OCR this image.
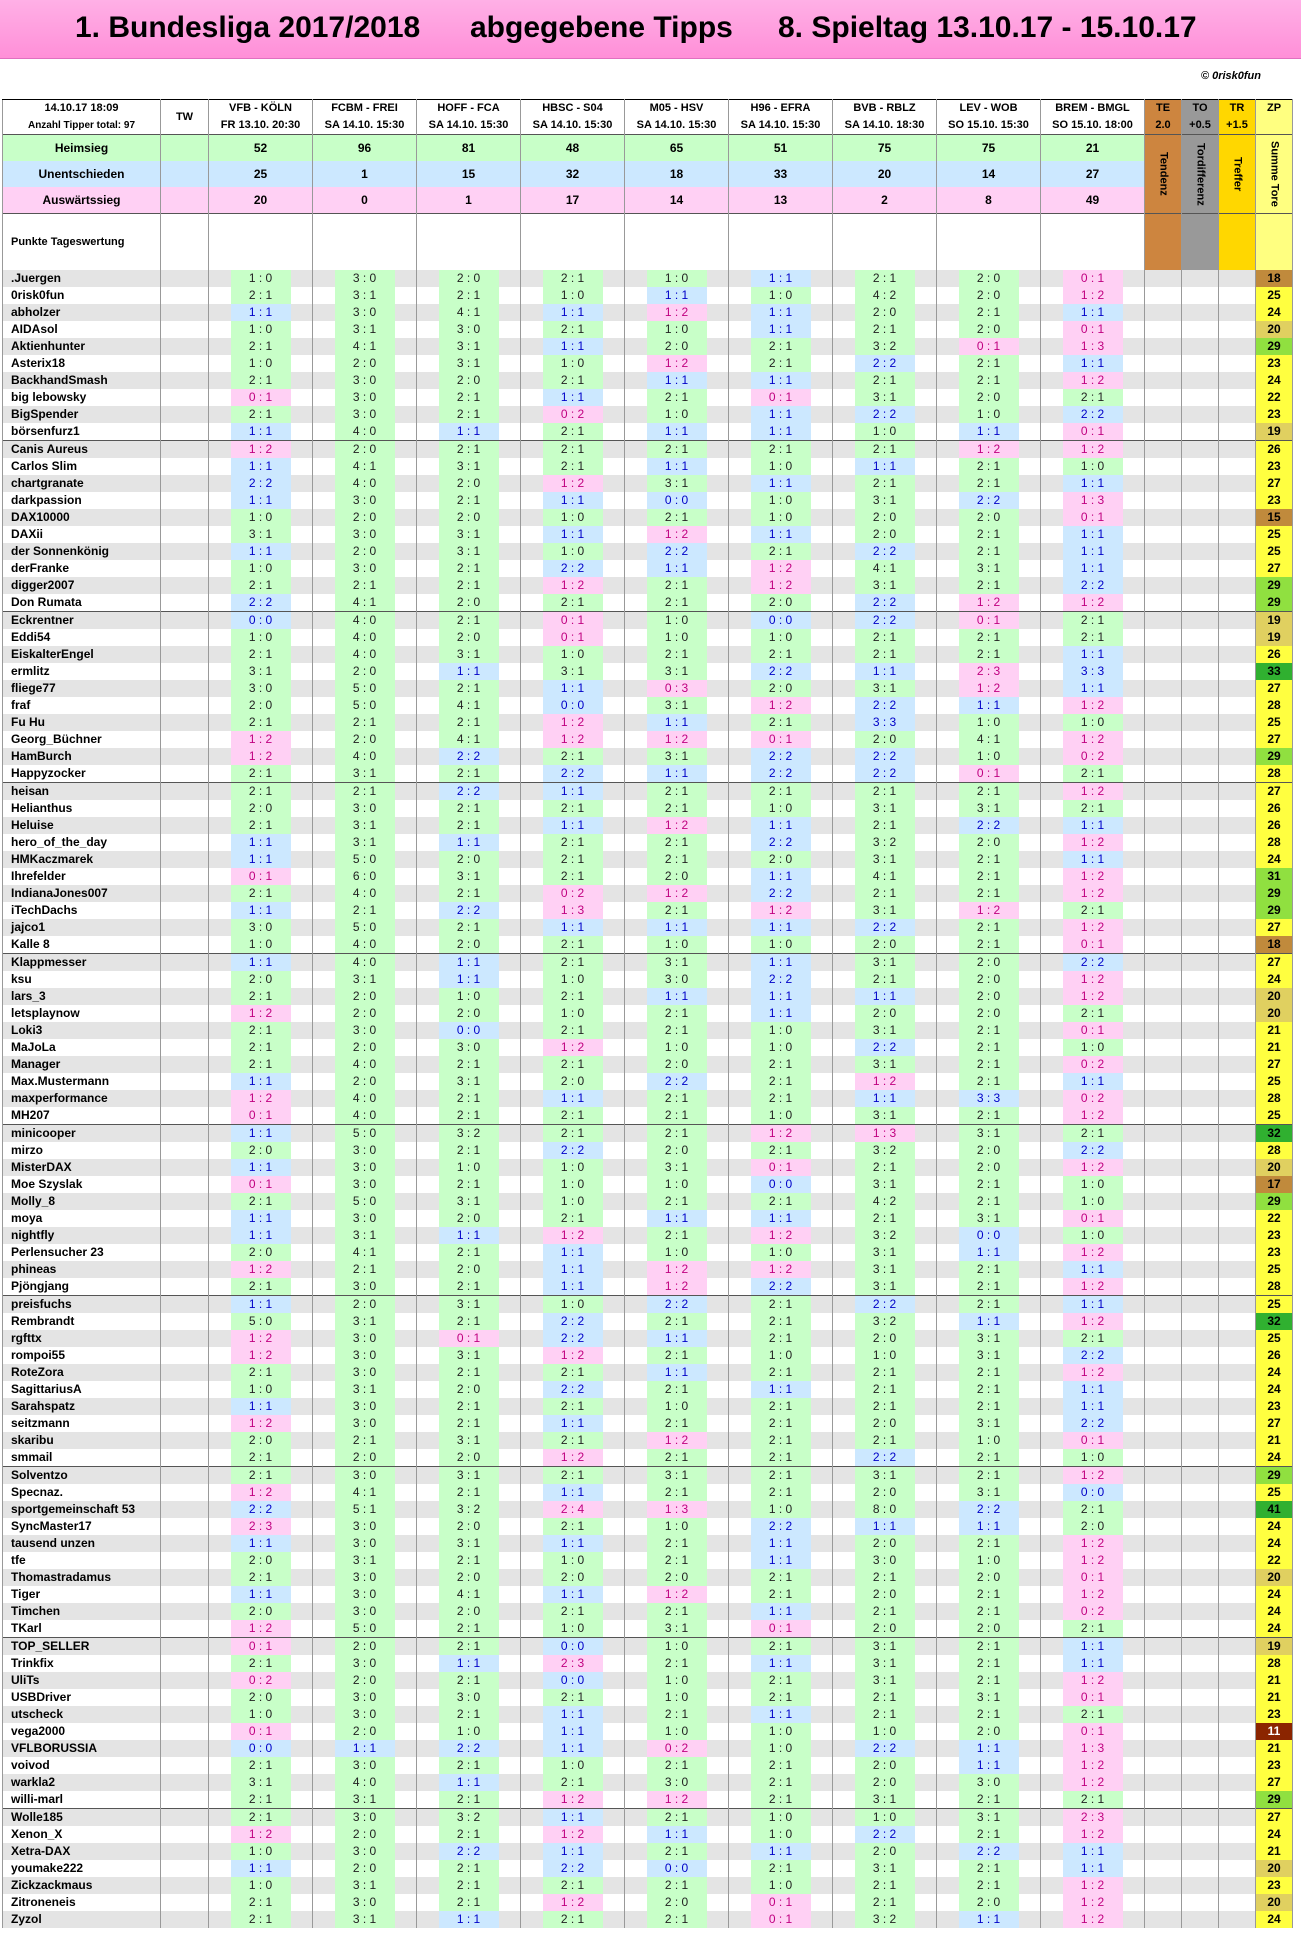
1. Bundesliga 2017/2018 abgegebene Tipps 8. Spieltag 13.10.17 - 15.10.17
© 0risk0fun
14.10.17 18:09	TW	VFB - KÖLN	FCBM - FREI	HOFF - FCA	HBSC - S04	M05 - HSV	H96 - EFRA	BVB - RBLZ	LEV - WOB	BREM - BMGL	TE	TO	TR	ZP
Anzahl Tipper total: 97		FR 13.10. 20:30	SA 14.10. 15:30	SA 14.10. 15:30	SA 14.10. 15:30	SA 14.10. 15:30	SA 14.10. 15:30	SA 14.10. 18:30	SO 15.10. 15:30	SO 15.10. 18:00	2.0	+0.5	+1.5	
Heimsieg		52	96	81	48	65	51	75	75	21	Tendenz	Tordifferenz	Treffer	Summe Tore

Unentschieden		25	1	15	32	18	33	20	14	27				
Auswärtssieg		20	0	1	17	14	13	2	8	49				
Punkte Tageswertung														
.Juergen		1 : 0	3 : 0	2 : 0	2 : 1	1 : 0	1 : 1	2 : 1	2 : 0	0 : 1				18
0risk0fun		2 : 1	3 : 1	2 : 1	1 : 0	1 : 1	1 : 0	4 : 2	2 : 0	1 : 2				25
abholzer		1 : 1	3 : 0	4 : 1	1 : 1	1 : 2	1 : 1	2 : 0	2 : 1	1 : 1				24
AIDAsol		1 : 0	3 : 1	3 : 0	2 : 1	1 : 0	1 : 1	2 : 1	2 : 0	0 : 1				20
Aktienhunter		2 : 1	4 : 1	3 : 1	1 : 1	2 : 0	2 : 1	3 : 2	0 : 1	1 : 3				29
Asterix18		1 : 0	2 : 0	3 : 1	1 : 0	1 : 2	2 : 1	2 : 2	2 : 1	1 : 1				23
BackhandSmash		2 : 1	3 : 0	2 : 0	2 : 1	1 : 1	1 : 1	2 : 1	2 : 1	1 : 2				24
big lebowsky		0 : 1	3 : 0	2 : 1	1 : 1	2 : 1	0 : 1	3 : 1	2 : 0	2 : 1				22
BigSpender		2 : 1	3 : 0	2 : 1	0 : 2	1 : 0	1 : 1	2 : 2	1 : 0	2 : 2				23
börsenfurz1		1 : 1	4 : 0	1 : 1	2 : 1	1 : 1	1 : 1	1 : 0	1 : 1	0 : 1				19
Canis Aureus		1 : 2	2 : 0	2 : 1	2 : 1	2 : 1	2 : 1	2 : 1	1 : 2	1 : 2				26
Carlos Slim		1 : 1	4 : 1	3 : 1	2 : 1	1 : 1	1 : 0	1 : 1	2 : 1	1 : 0				23
chartgranate		2 : 2	4 : 0	2 : 0	1 : 2	3 : 1	1 : 1	2 : 1	2 : 1	1 : 1				27
darkpassion		1 : 1	3 : 0	2 : 1	1 : 1	0 : 0	1 : 0	3 : 1	2 : 2	1 : 3				23
DAX10000		1 : 0	2 : 0	2 : 0	1 : 0	2 : 1	1 : 0	2 : 0	2 : 0	0 : 1				15
DAXii		3 : 1	3 : 0	3 : 1	1 : 1	1 : 2	1 : 1	2 : 0	2 : 1	1 : 1				25
der Sonnenkönig		1 : 1	2 : 0	3 : 1	1 : 0	2 : 2	2 : 1	2 : 2	2 : 1	1 : 1				25
derFranke		1 : 0	3 : 0	2 : 1	2 : 2	1 : 1	1 : 2	4 : 1	3 : 1	1 : 1				27
digger2007		2 : 1	2 : 1	2 : 1	1 : 2	2 : 1	1 : 2	3 : 1	2 : 1	2 : 2				29
Don Rumata		2 : 2	4 : 1	2 : 0	2 : 1	2 : 1	2 : 0	2 : 2	1 : 2	1 : 2				29
Eckrentner		0 : 0	4 : 0	2 : 1	0 : 1	1 : 0	0 : 0	2 : 2	0 : 1	2 : 1				19
Eddi54		1 : 0	4 : 0	2 : 0	0 : 1	1 : 0	1 : 0	2 : 1	2 : 1	2 : 1				19
EiskalterEngel		2 : 1	4 : 0	3 : 1	1 : 0	2 : 1	2 : 1	2 : 1	2 : 1	1 : 1				26
ermlitz		3 : 1	2 : 0	1 : 1	3 : 1	3 : 1	2 : 2	1 : 1	2 : 3	3 : 3				33
fliege77		3 : 0	5 : 0	2 : 1	1 : 1	0 : 3	2 : 0	3 : 1	1 : 2	1 : 1				27
fraf		2 : 0	5 : 0	4 : 1	0 : 0	3 : 1	1 : 2	2 : 2	1 : 1	1 : 2				28
Fu Hu		2 : 1	2 : 1	2 : 1	1 : 2	1 : 1	2 : 1	3 : 3	1 : 0	1 : 0				25
Georg_Büchner		1 : 2	2 : 0	4 : 1	1 : 2	1 : 2	0 : 1	2 : 0	4 : 1	1 : 2				27
HamBurch		1 : 2	4 : 0	2 : 2	2 : 1	3 : 1	2 : 2	2 : 2	1 : 0	0 : 2				29
Happyzocker		2 : 1	3 : 1	2 : 1	2 : 2	1 : 1	2 : 2	2 : 2	0 : 1	2 : 1				28
heisan		2 : 1	2 : 1	2 : 2	1 : 1	2 : 1	2 : 1	2 : 1	2 : 1	1 : 2				27
Helianthus		2 : 0	3 : 0	2 : 1	2 : 1	2 : 1	1 : 0	3 : 1	3 : 1	2 : 1				26
Heluise		2 : 1	3 : 1	2 : 1	1 : 1	1 : 2	1 : 1	2 : 1	2 : 2	1 : 1				26
hero_of_the_day		1 : 1	3 : 1	1 : 1	2 : 1	2 : 1	2 : 2	3 : 2	2 : 0	1 : 2				28
HMKaczmarek		1 : 1	5 : 0	2 : 0	2 : 1	2 : 1	2 : 0	3 : 1	2 : 1	1 : 1				24
Ihrefelder		0 : 1	6 : 0	3 : 1	2 : 1	2 : 0	1 : 1	4 : 1	2 : 1	1 : 2				31
IndianaJones007		2 : 1	4 : 0	2 : 1	0 : 2	1 : 2	2 : 2	2 : 1	2 : 1	1 : 2				29
iTechDachs		1 : 1	2 : 1	2 : 2	1 : 3	2 : 1	1 : 2	3 : 1	1 : 2	2 : 1				29
jajco1		3 : 0	5 : 0	2 : 1	1 : 1	1 : 1	1 : 1	2 : 2	2 : 1	1 : 2				27
Kalle 8		1 : 0	4 : 0	2 : 0	2 : 1	1 : 0	1 : 0	2 : 0	2 : 1	0 : 1				18
Klappmesser		1 : 1	4 : 0	1 : 1	2 : 1	3 : 1	1 : 1	3 : 1	2 : 0	2 : 2				27
ksu		2 : 0	3 : 1	1 : 1	1 : 0	3 : 0	2 : 2	2 : 1	2 : 0	1 : 2				24
lars_3		2 : 1	2 : 0	1 : 0	2 : 1	1 : 1	1 : 1	1 : 1	2 : 0	1 : 2				20
letsplaynow		1 : 2	2 : 0	2 : 0	1 : 0	2 : 1	1 : 1	2 : 0	2 : 0	2 : 1				20
Loki3		2 : 1	3 : 0	0 : 0	2 : 1	2 : 1	1 : 0	3 : 1	2 : 1	0 : 1				21
MaJoLa		2 : 1	2 : 0	3 : 0	1 : 2	1 : 0	1 : 0	2 : 2	2 : 1	1 : 0				21
Manager		2 : 1	4 : 0	2 : 1	2 : 1	2 : 0	2 : 1	3 : 1	2 : 1	0 : 2				27
Max.Mustermann		1 : 1	2 : 0	3 : 1	2 : 0	2 : 2	2 : 1	1 : 2	2 : 1	1 : 1				25
maxperformance		1 : 2	4 : 0	2 : 1	1 : 1	2 : 1	2 : 1	1 : 1	3 : 3	0 : 2				28
MH207		0 : 1	4 : 0	2 : 1	2 : 1	2 : 1	1 : 0	3 : 1	2 : 1	1 : 2				25
minicooper		1 : 1	5 : 0	3 : 2	2 : 1	2 : 1	1 : 2	1 : 3	3 : 1	2 : 1				32
mirzo		2 : 0	3 : 0	2 : 1	2 : 2	2 : 0	2 : 1	3 : 2	2 : 0	2 : 2				28
MisterDAX		1 : 1	3 : 0	1 : 0	1 : 0	3 : 1	0 : 1	2 : 1	2 : 0	1 : 2				20
Moe Szyslak		0 : 1	3 : 0	2 : 1	1 : 0	1 : 0	0 : 0	3 : 1	2 : 1	1 : 0				17
Molly_8		2 : 1	5 : 0	3 : 1	1 : 0	2 : 1	2 : 1	4 : 2	2 : 1	1 : 0				29
moya		1 : 1	3 : 0	2 : 0	2 : 1	1 : 1	1 : 1	2 : 1	3 : 1	0 : 1				22
nightfly		1 : 1	3 : 1	1 : 1	1 : 2	2 : 1	1 : 2	3 : 2	0 : 0	1 : 0				23
Perlensucher 23		2 : 0	4 : 1	2 : 1	1 : 1	1 : 0	1 : 0	3 : 1	1 : 1	1 : 2				23
phineas		1 : 2	2 : 1	2 : 0	1 : 1	1 : 2	1 : 2	3 : 1	2 : 1	1 : 1				25
Pjöngjang		2 : 1	3 : 0	2 : 1	1 : 1	1 : 2	2 : 2	3 : 1	2 : 1	1 : 2				28
preisfuchs		1 : 1	2 : 0	3 : 1	1 : 0	2 : 2	2 : 1	2 : 2	2 : 1	1 : 1				25
Rembrandt		5 : 0	3 : 1	2 : 1	2 : 2	2 : 1	2 : 1	3 : 2	1 : 1	1 : 2				32
rgfttx		1 : 2	3 : 0	0 : 1	2 : 2	1 : 1	2 : 1	2 : 0	3 : 1	2 : 1				25
rompoi55		1 : 2	3 : 0	3 : 1	1 : 2	2 : 1	1 : 0	1 : 0	3 : 1	2 : 2				26
RoteZora		2 : 1	3 : 0	2 : 1	2 : 1	1 : 1	2 : 1	2 : 1	2 : 1	1 : 2				24
SagittariusA		1 : 0	3 : 1	2 : 0	2 : 2	2 : 1	1 : 1	2 : 1	2 : 1	1 : 1				24
Sarahspatz		1 : 1	3 : 0	2 : 1	2 : 1	1 : 0	2 : 1	2 : 1	2 : 1	1 : 1				23
seitzmann		1 : 2	3 : 0	2 : 1	1 : 1	2 : 1	2 : 1	2 : 0	3 : 1	2 : 2				27
skaribu		2 : 0	2 : 1	3 : 1	2 : 1	1 : 2	2 : 1	2 : 1	1 : 0	0 : 1				21
smmail		2 : 1	2 : 0	2 : 0	1 : 2	2 : 1	2 : 1	2 : 2	2 : 1	1 : 0				24
Solventzo		2 : 1	3 : 0	3 : 1	2 : 1	3 : 1	2 : 1	3 : 1	2 : 1	1 : 2				29
Specnaz.		1 : 2	4 : 1	2 : 1	1 : 1	2 : 1	2 : 1	2 : 0	3 : 1	0 : 0				25
sportgemeinschaft 53		2 : 2	5 : 1	3 : 2	2 : 4	1 : 3	1 : 0	8 : 0	2 : 2	2 : 1				41
SyncMaster17		2 : 3	3 : 0	2 : 0	2 : 1	1 : 0	2 : 2	1 : 1	1 : 1	2 : 0				24
tausend unzen		1 : 1	3 : 0	3 : 1	1 : 1	2 : 1	1 : 1	2 : 0	2 : 1	1 : 2				24
tfe		2 : 0	3 : 1	2 : 1	1 : 0	2 : 1	1 : 1	3 : 0	1 : 0	1 : 2				22
Thomastradamus		2 : 1	3 : 0	2 : 0	2 : 0	2 : 0	2 : 1	2 : 1	2 : 0	0 : 1				20
Tiger		1 : 1	3 : 0	4 : 1	1 : 1	1 : 2	2 : 1	2 : 0	2 : 1	1 : 2				24
Timchen		2 : 0	3 : 0	2 : 0	2 : 1	2 : 1	1 : 1	2 : 1	2 : 1	0 : 2				24
TKarl		1 : 2	5 : 0	2 : 1	1 : 0	3 : 1	0 : 1	2 : 0	2 : 0	2 : 1				24
TOP_SELLER		0 : 1	2 : 0	2 : 1	0 : 0	1 : 0	2 : 1	3 : 1	2 : 1	1 : 1				19
Trinkfix		2 : 1	3 : 0	1 : 1	2 : 3	2 : 1	1 : 1	3 : 1	2 : 1	1 : 1				28
UliTs		0 : 2	2 : 0	2 : 1	0 : 0	1 : 0	2 : 1	3 : 1	2 : 1	1 : 2				21
USBDriver		2 : 0	3 : 0	3 : 0	2 : 1	1 : 0	2 : 1	2 : 1	3 : 1	0 : 1				21
utscheck		1 : 0	3 : 0	2 : 1	1 : 1	2 : 1	1 : 1	2 : 1	2 : 1	2 : 1				23
vega2000		0 : 1	2 : 0	1 : 0	1 : 1	1 : 0	1 : 0	1 : 0	2 : 0	0 : 1				11
VFLBORUSSIA		0 : 0	1 : 1	2 : 2	1 : 1	0 : 2	1 : 0	2 : 2	1 : 1	1 : 3				21
voivod		2 : 1	3 : 0	2 : 1	1 : 0	2 : 1	2 : 1	2 : 0	1 : 1	1 : 2				23
warkla2		3 : 1	4 : 0	1 : 1	2 : 1	3 : 0	2 : 1	2 : 0	3 : 0	1 : 2				27
willi-marl		2 : 1	3 : 1	2 : 1	1 : 2	1 : 2	2 : 1	3 : 1	2 : 1	2 : 1				29
Wolle185		2 : 1	3 : 0	3 : 2	1 : 1	2 : 1	1 : 0	1 : 0	3 : 1	2 : 3				27
Xenon_X		1 : 2	2 : 0	2 : 1	1 : 2	1 : 1	1 : 0	2 : 2	2 : 1	1 : 2				24
Xetra-DAX		1 : 0	3 : 0	2 : 2	1 : 1	2 : 1	1 : 1	2 : 0	2 : 2	1 : 1				21
youmake222		1 : 1	2 : 0	2 : 1	2 : 2	0 : 0	2 : 1	3 : 1	2 : 1	1 : 1				20
Zickzackmaus		1 : 0	3 : 1	2 : 1	2 : 1	2 : 1	1 : 0	2 : 1	2 : 1	1 : 2				23
Zitroneneis		2 : 1	3 : 0	2 : 1	1 : 2	2 : 0	0 : 1	2 : 1	2 : 0	1 : 2				20
Zyzol		2 : 1	3 : 1	1 : 1	2 : 1	2 : 1	0 : 1	3 : 2	1 : 1	1 : 2				24
